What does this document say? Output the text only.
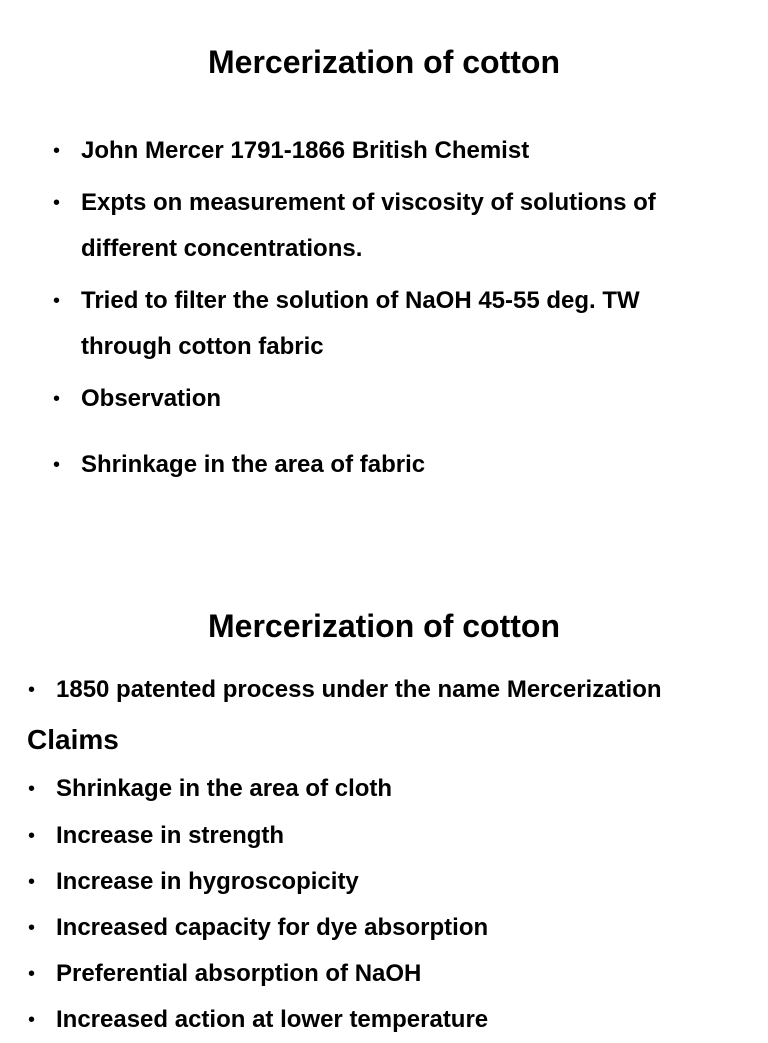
Mercerization of cotton
• John Mercer 1791-1866 British Chemist
• Expts on measurement of viscosity of solutions of
different concentrations.
• Tried to filter the solution of NaOH 45-55 deg. TW
through cotton fabric
• Observation
• Shrinkage in the area of fabric
Mercerization of cotton
• 1850 patented process under the name Mercerization
Claims
• Shrinkage in the area of cloth
• Increase in strength
• Increase in hygroscopicity
• Increased capacity for dye absorption
• Preferential absorption of NaOH
• Increased action at lower temperature
